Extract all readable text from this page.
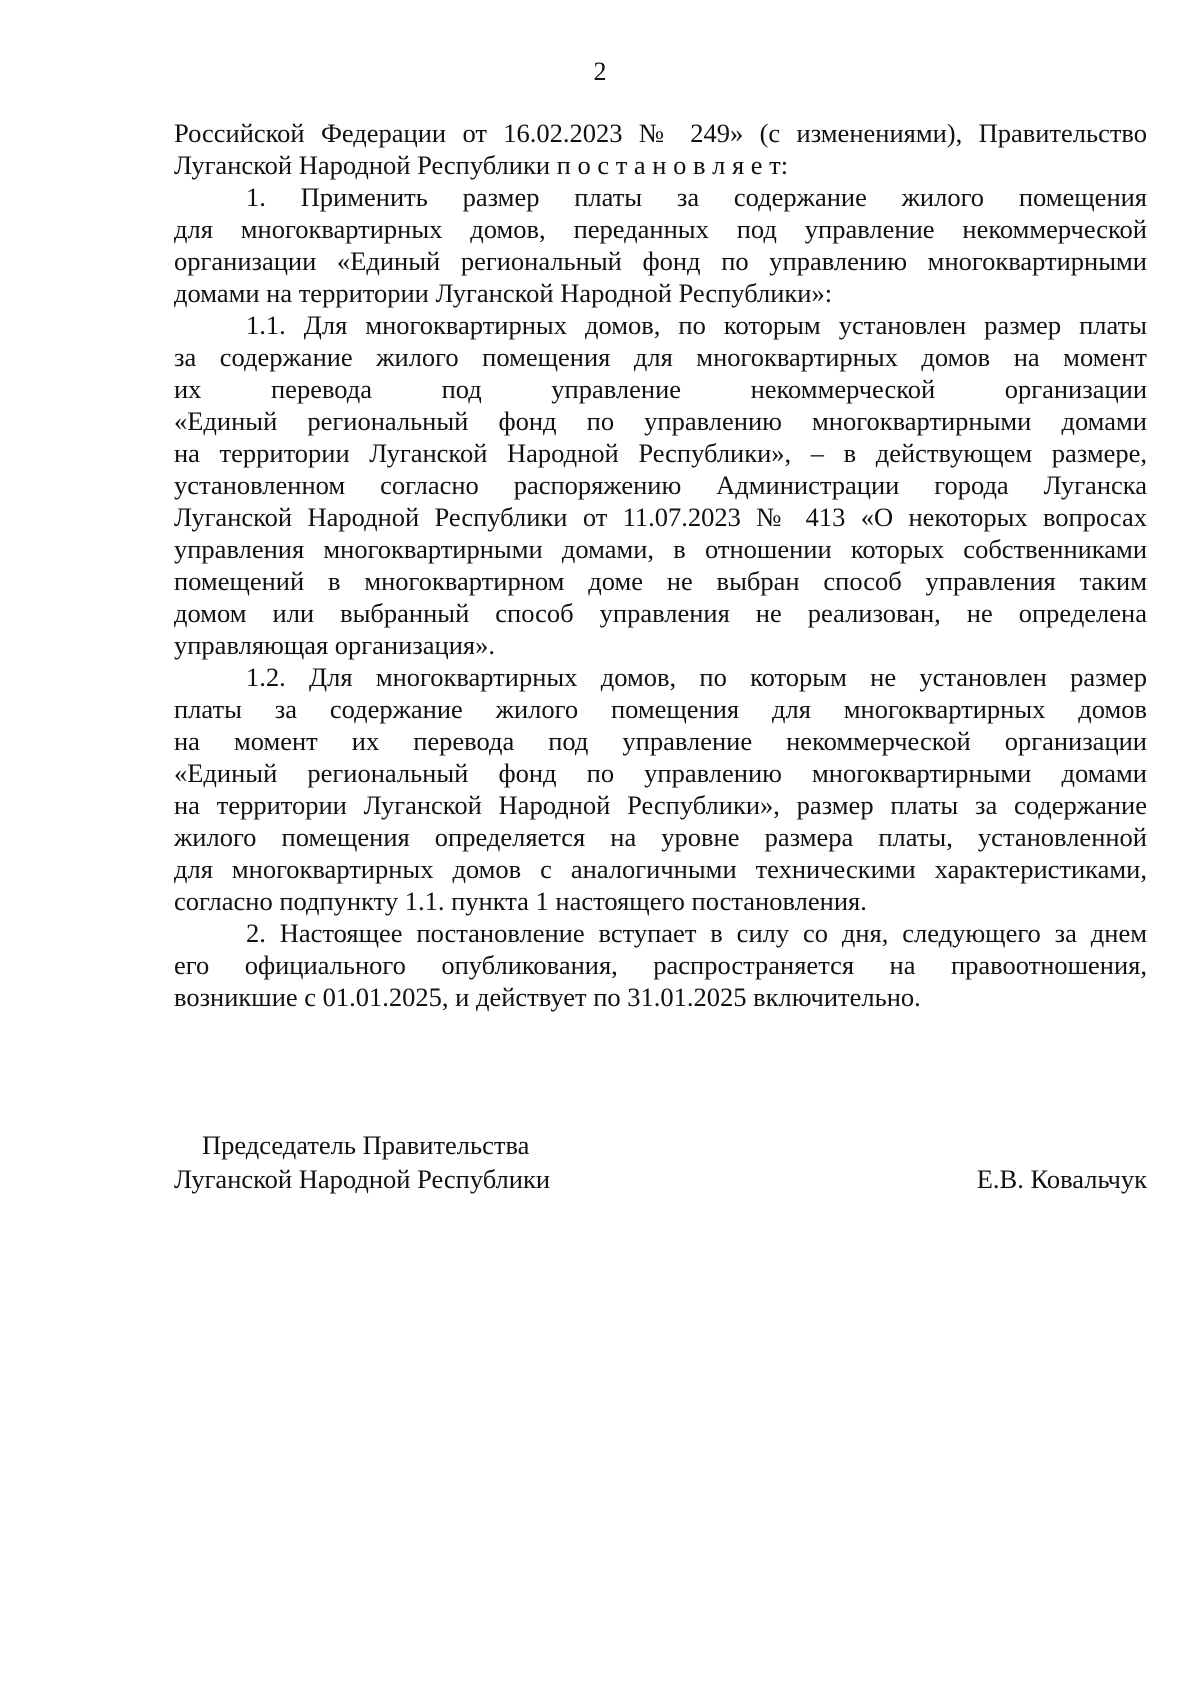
2
Российской Федерации от 16.02.2023 № 249» (с изменениями), Правительство
Луганской Народной Республики п о с т а н о в л я е т:
1. Применить размер платы за содержание жилого помещения
для многоквартирных домов, переданных под управление некоммерческой
организации «Единый региональный фонд по управлению многоквартирными
домами на территории Луганской Народной Республики»:
1.1. Для многоквартирных домов, по которым установлен размер платы
за содержание жилого помещения для многоквартирных домов на момент
их перевода под управление некоммерческой организации
«Единый региональный фонд по управлению многоквартирными домами
на территории Луганской Народной Республики», – в действующем размере,
установленном согласно распоряжению Администрации города Луганска
Луганской Народной Республики от 11.07.2023 № 413 «О некоторых вопросах
управления многоквартирными домами, в отношении которых собственниками
помещений в многоквартирном доме не выбран способ управления таким
домом или выбранный способ управления не реализован, не определена
управляющая организация».
1.2. Для многоквартирных домов, по которым не установлен размер
платы за содержание жилого помещения для многоквартирных домов
на момент их перевода под управление некоммерческой организации
«Единый региональный фонд по управлению многоквартирными домами
на территории Луганской Народной Республики», размер платы за содержание
жилого помещения определяется на уровне размера платы, установленной
для многоквартирных домов с аналогичными техническими характеристиками,
согласно подпункту 1.1. пункта 1 настоящего постановления.
2. Настоящее постановление вступает в силу со дня, следующего за днем
его официального опубликования, распространяется на правоотношения,
возникшие с 01.01.2025, и действует по 31.01.2025 включительно.
Председатель Правительства
Луганской Народной Республики	Е.В. Ковальчук
